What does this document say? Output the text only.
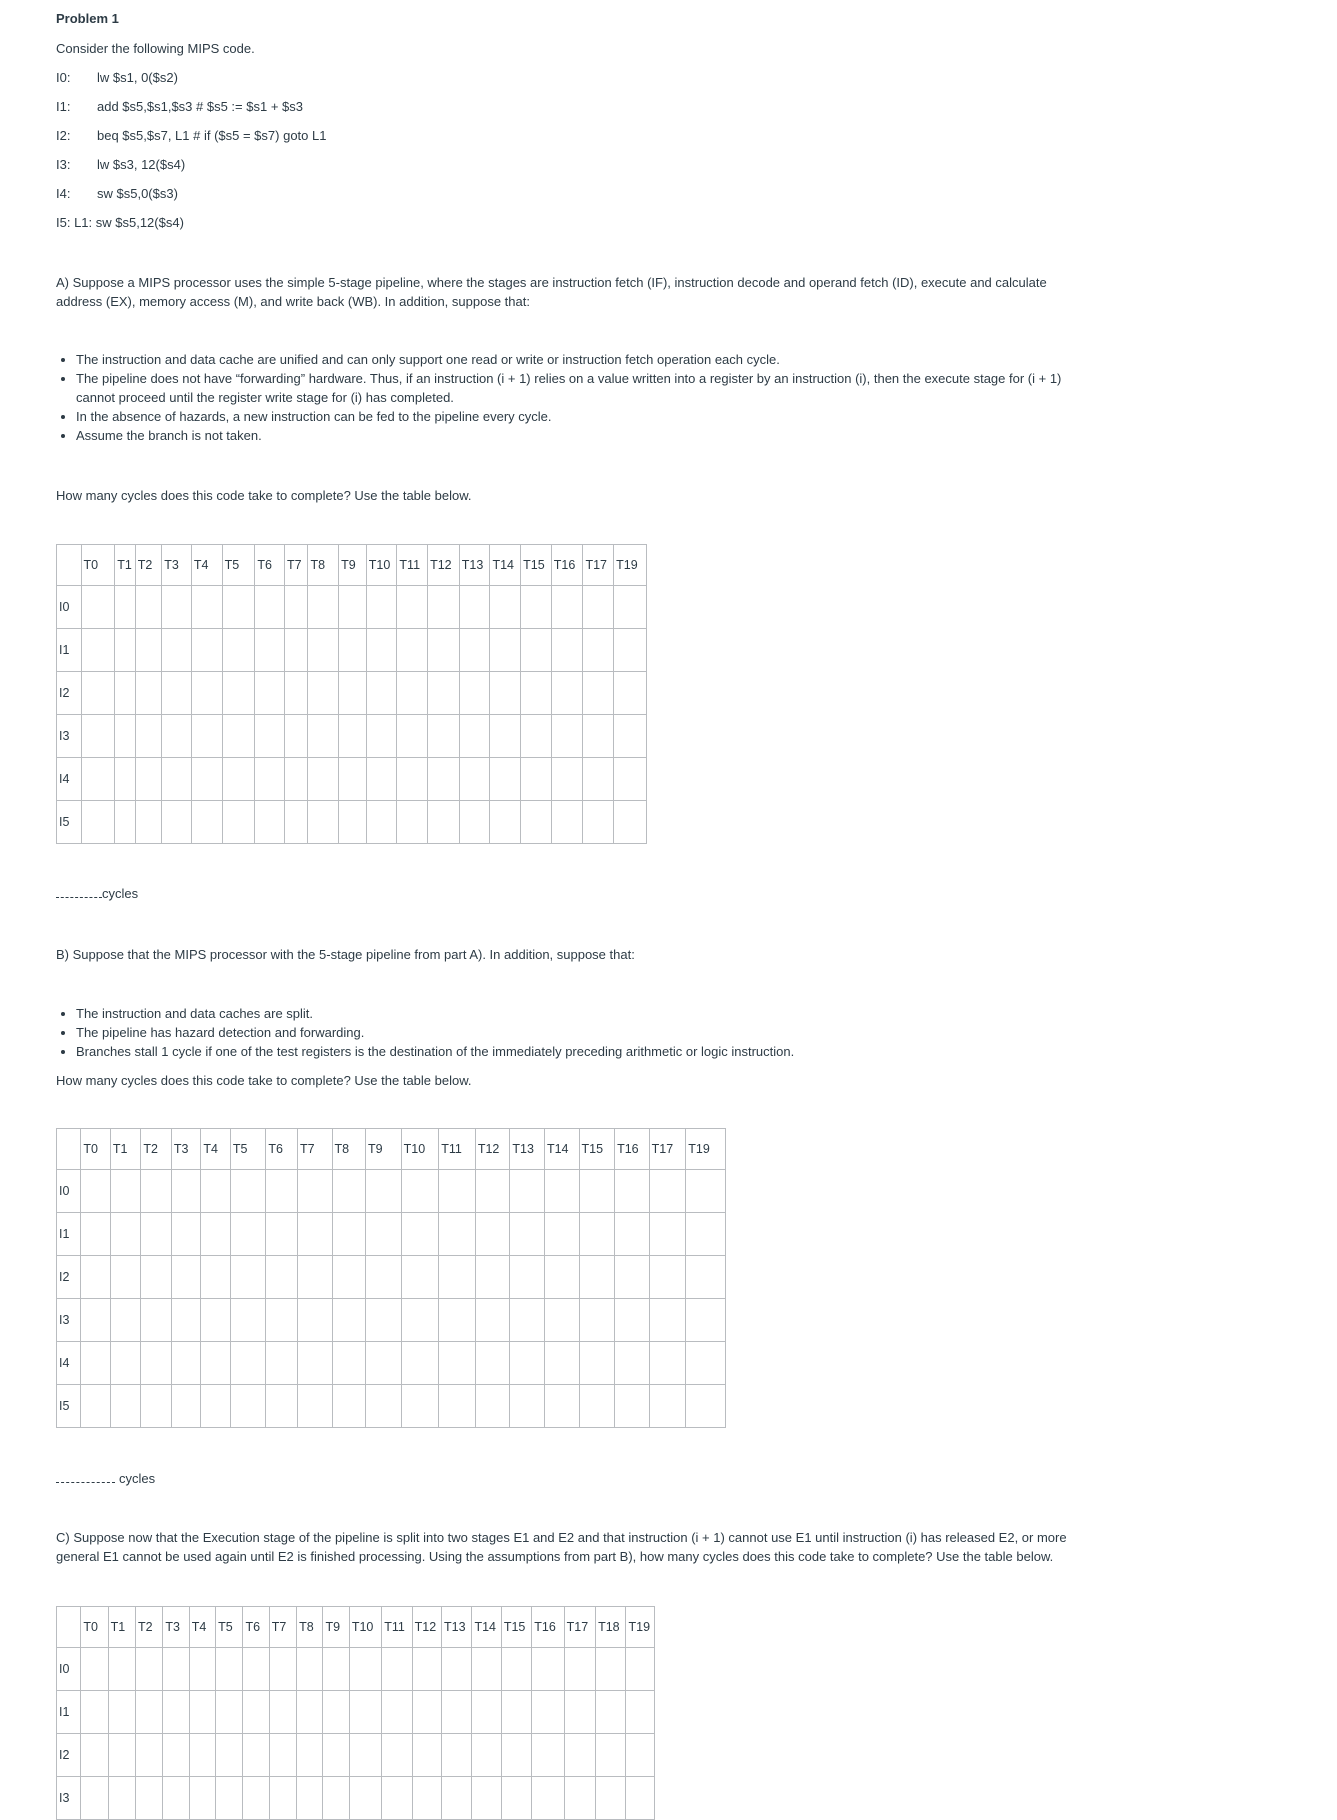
Problem 1
Consider the following MIPS code.
I0: lw $s1, 0($s2)
I1: add $s5,$s1,$s3 # $s5 := $s1 + $s3
I2: beq $s5,$s7, L1 # if ($s5 = $s7) goto L1
I3: lw $s3, 12($s4)
I4: sw $s5,0($s3)
I5: L1: sw $s5,12($s4)
A) Suppose a MIPS processor uses the simple 5-stage pipeline, where the stages are instruction fetch (IF), instruction decode and operand fetch (ID), execute and calculate address (EX), memory access (M), and write back (WB). In addition, suppose that:
• The instruction and data cache are unified and can only support one read or write or instruction fetch operation each cycle.
• The pipeline does not have “forwarding” hardware. Thus, if an instruction (i + 1) relies on a value written into a register by an instruction (i), then the execute stage for (i + 1) cannot proceed until the register write stage for (i) has completed.
• In the absence of hazards, a new instruction can be fed to the pipeline every cycle.
• Assume the branch is not taken.
How many cycles does this code take to complete? Use the table below.
	T0	T1	T2	T3	T4	T5	T6	T7	T8	T9	T10	T11	T12	T13	T14	T15	T16	T17	T19
I0																			
I1																			
I2																			
I3																			
I4																			
I5																			
cycles
B) Suppose that the MIPS processor with the 5-stage pipeline from part A). In addition, suppose that:
• The instruction and data caches are split.
• The pipeline has hazard detection and forwarding.
• Branches stall 1 cycle if one of the test registers is the destination of the immediately preceding arithmetic or logic instruction.
How many cycles does this code take to complete? Use the table below.
	T0	T1	T2	T3	T4	T5	T6	T7	T8	T9	T10	T11	T12	T13	T14	T15	T16	T17	T19
I0																			
I1																			
I2																			
I3																			
I4																			
I5																			
cycles
C) Suppose now that the Execution stage of the pipeline is split into two stages E1 and E2 and that instruction (i + 1) cannot use E1 until instruction (i) has released E2, or more general E1 cannot be used again until E2 is finished processing. Using the assumptions from part B), how many cycles does this code take to complete? Use the table below.
	T0	T1	T2	T3	T4	T5	T6	T7	T8	T9	T10	T11	T12	T13	T14	T15	T16	T17	T18	T19
I0																				
I1																				
I2																				
I3																				
